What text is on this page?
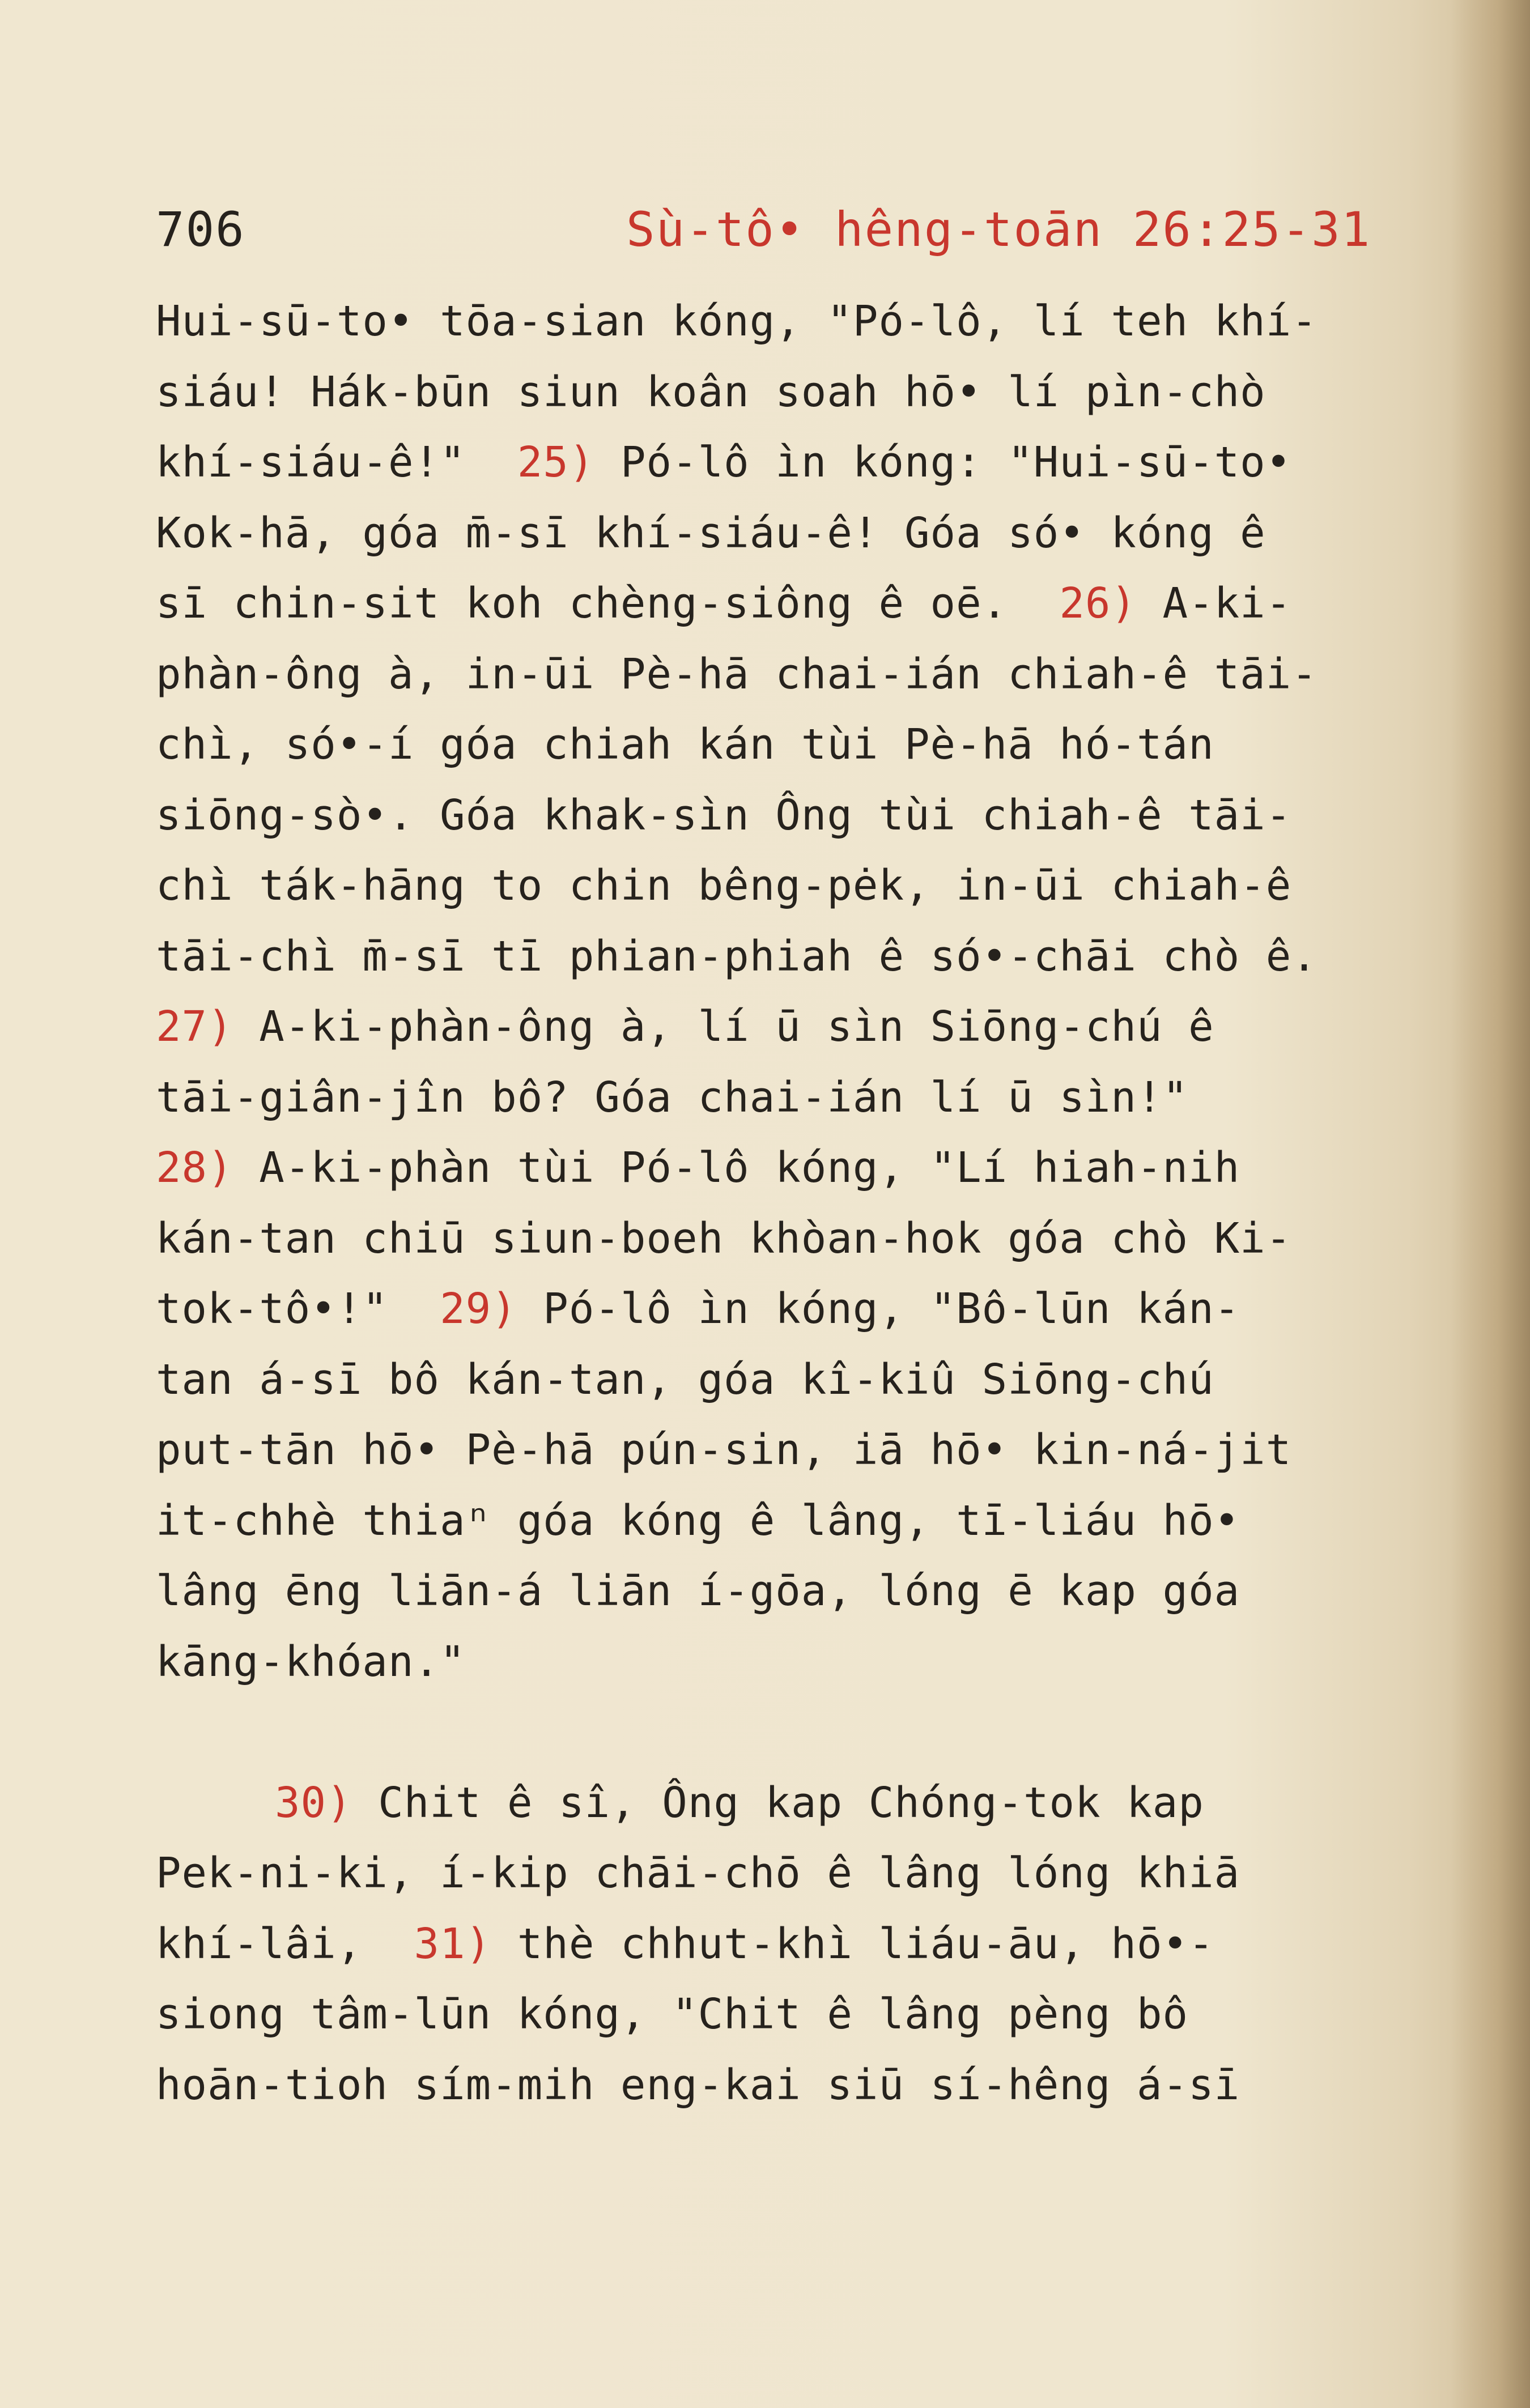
706	Sù-tô• hêng-toān 26:25-31
Hui-sū-to• tōa-sian kóng, "Pó-lô, lí teh khí-
siáu! Hák-būn siun koân soah hō• lí pìn-chò
khí-siáu-ê!"  25) Pó-lô ìn kóng: "Hui-sū-to•
Kok-hā, góa m̄-sī khí-siáu-ê! Góa só• kóng ê
sī chin-sit koh chèng-siông ê oē.  26) A-ki-
phàn-ông à, in-ūi Pè-hā chai-ián chiah-ê tāi-
chì, só•-í góa chiah kán tùi Pè-hā hó-tán
siōng-sò•. Góa khak-sìn Ông tùi chiah-ê tāi-
chì ták-hāng to chin bêng-pėk, in-ūi chiah-ê
tāi-chì m̄-sī tī phian-phiah ê só•-chāi chò ê.
27) A-ki-phàn-ông à, lí ū sìn Siōng-chú ê
tāi-giân-jîn bô? Góa chai-ián lí ū sìn!"
28) A-ki-phàn tùi Pó-lô kóng, "Lí hiah-nih
kán-tan chiū siun-boeh khòan-hok góa chò Ki-
tok-tô•!"  29) Pó-lô ìn kóng, "Bô-lūn kán-
tan á-sī bô kán-tan, góa kî-kiû Siōng-chú
put-tān hō• Pè-hā pún-sin, iā hō• kin-ná-jit
it-chhè thiaⁿ góa kóng ê lâng, tī-liáu hō•
lâng ēng liān-á liān í-gōa, lóng ē kap góa
kāng-khóan."
30) Chit ê sî, Ông kap Chóng-tok kap
Pek-ni-ki, í-kip chāi-chō ê lâng lóng khiā
khí-lâi,  31) thè chhut-khì liáu-āu, hō•-
siong tâm-lūn kóng, "Chit ê lâng pèng bô
hoān-tioh sím-mih eng-kai siū sí-hêng á-sī
